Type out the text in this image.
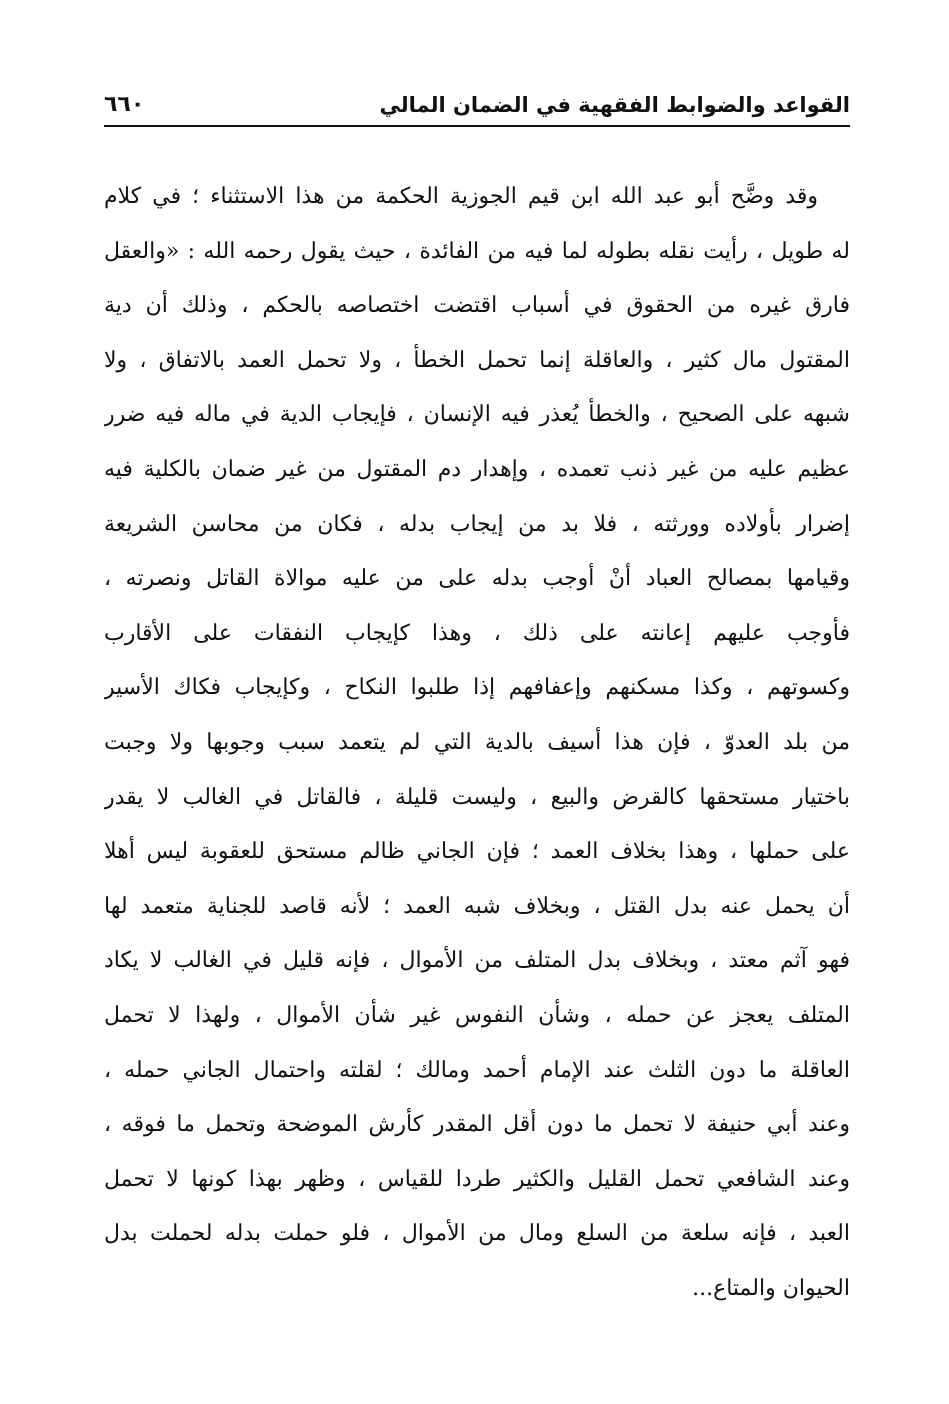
القواعد والضوابط الفقهية في الضمان المالي
٦٦٠
وقد وضَّح أبو عبد الله ابن قيم الجوزية الحكمة من هذا الاستثناء ؛ في كلام
له طويل ، رأيت نقله بطوله لما فيه من الفائدة ، حيث يقول رحمه الله : «والعقل
فارق غيره من الحقوق في أسباب اقتضت اختصاصه بالحكم ، وذلك أن دية
المقتول مال كثير ، والعاقلة إنما تحمل الخطأ ، ولا تحمل العمد بالاتفاق ، ولا
شبهه على الصحيح ، والخطأ يُعذر فيه الإنسان ، فإيجاب الدية في ماله فيه ضرر
عظيم عليه من غير ذنب تعمده ، وإهدار دم المقتول من غير ضمان بالكلية فيه
إضرار بأولاده وورثته ، فلا بد من إيجاب بدله ، فكان من محاسن الشريعة
وقيامها بمصالح العباد أنْ أوجب بدله على من عليه موالاة القاتل ونصرته ،
فأوجب عليهم إعانته على ذلك ، وهذا كإيجاب النفقات على الأقارب
وكسوتهم ، وكذا مسكنهم وإعفافهم إذا طلبوا النكاح ، وكإيجاب فكاك الأسير
من بلد العدوّ ، فإن هذا أسيف بالدية التي لم يتعمد سبب وجوبها ولا وجبت
باختيار مستحقها كالقرض والبيع ، وليست قليلة ، فالقاتل في الغالب لا يقدر
على حملها ، وهذا بخلاف العمد ؛ فإن الجاني ظالم مستحق للعقوبة ليس أهلا
أن يحمل عنه بدل القتل ، وبخلاف شبه العمد ؛ لأنه قاصد للجناية متعمد لها
فهو آثم معتد ، وبخلاف بدل المتلف من الأموال ، فإنه قليل في الغالب لا يكاد
المتلف يعجز عن حمله ، وشأن النفوس غير شأن الأموال ، ولهذا لا تحمل
العاقلة ما دون الثلث عند الإمام أحمد ومالك ؛ لقلته واحتمال الجاني حمله ،
وعند أبي حنيفة لا تحمل ما دون أقل المقدر كأرش الموضحة وتحمل ما فوقه ،
وعند الشافعي تحمل القليل والكثير طردا للقياس ، وظهر بهذا كونها لا تحمل
العبد ، فإنه سلعة من السلع ومال من الأموال ، فلو حملت بدله لحملت بدل
الحيوان والمتاع...
